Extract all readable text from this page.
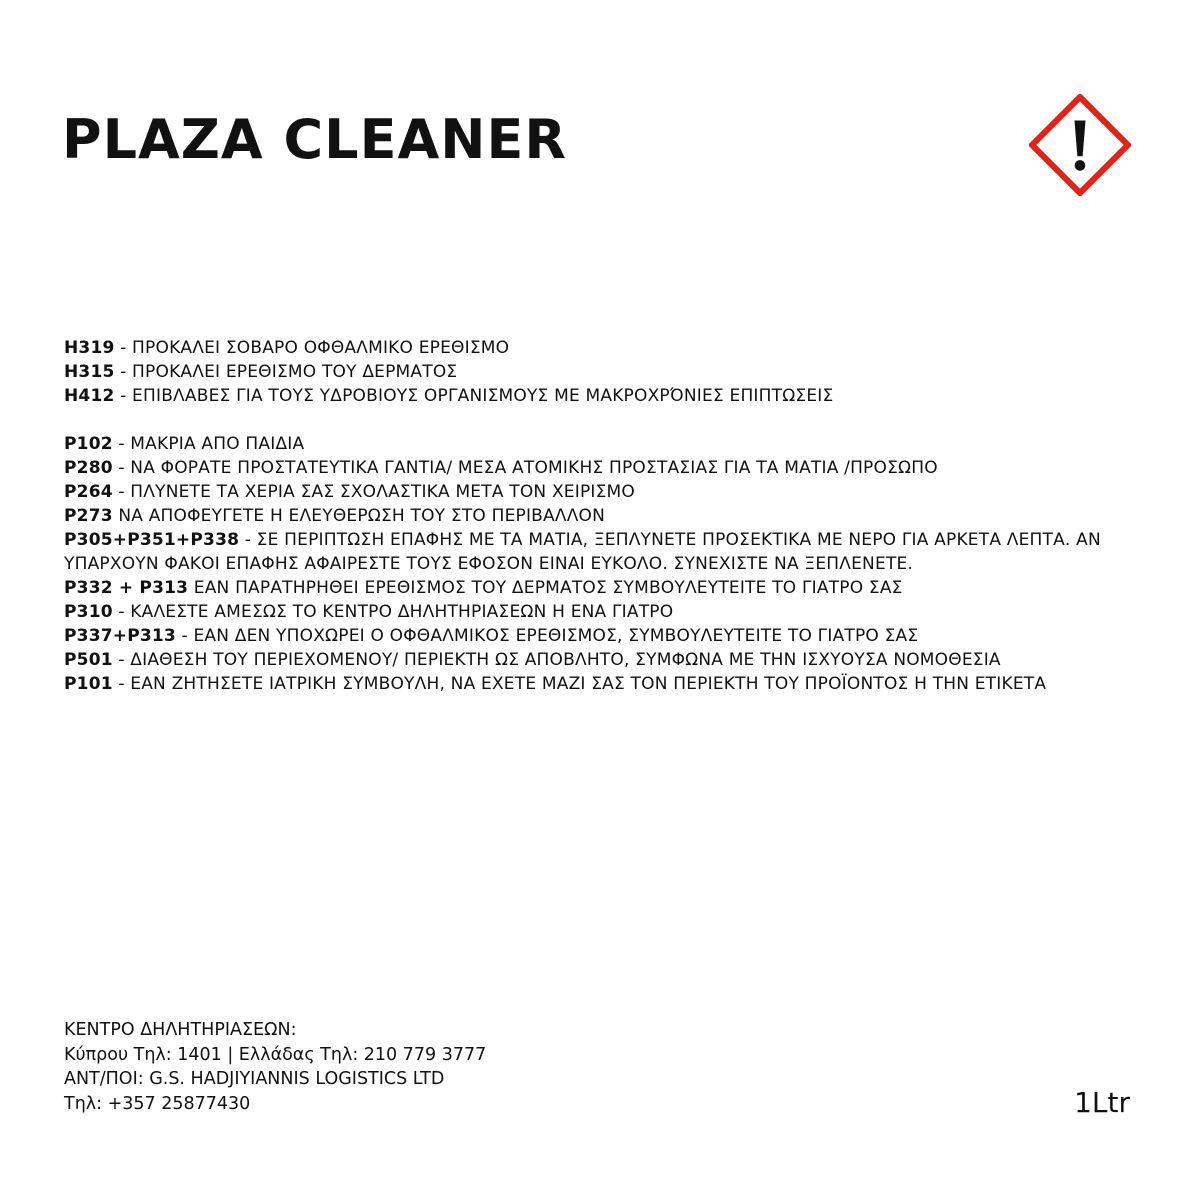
PLAZA CLEANER

H319 - ΠΡΟΚΑΛΕΙ ΣΟΒΑΡΟ ΟΦΘΑΛΜΙΚΟ ΕΡΕΘΙΣΜΟ

H315 - ΠΡΟΚΑΛΕΙ ΕΡΕΘΙΣΜΟ ΤΟΥ ΔΕΡΜΑΤΟΣ

H412 - ΕΠΙΒΛΑΒΕΣ ΓΙΑ ΤΟΥΣ ΥΔΡΟΒΙΟΥΣ ΟΡΓΑΝΙΣΜΟΥΣ ΜΕ ΜΑΚΡΟΧΡΌΝΙΕΣ ΕΠΙΠΤΩΣΕΙΣ

P102 - ΜΑΚΡΙΑ ΑΠΟ ΠΑΙΔΙΑ

P280 - ΝΑ ΦΟΡΑΤΕ ΠΡΟΣΤΑΤΕΥΤΙΚΑ ΓΑΝΤΙΑ/ ΜΕΣΑ ΑΤΟΜΙΚΗΣ ΠΡΟΣΤΑΣΙΑΣ ΓΙΑ ΤΑ ΜΑΤΙΑ /ΠΡΟΣΩΠΟ

P264 - ΠΛΥΝΕΤΕ ΤΑ ΧΕΡΙΑ ΣΑΣ ΣΧΟΛΑΣΤΙΚΑ ΜΕΤΑ ΤΟΝ ΧΕΙΡΙΣΜΟ

P273 ΝΑ ΑΠΟΦΕΥΓΕΤΕ Η ΕΛΕΥΘΕΡΩΣΗ ΤΟΥ ΣΤΟ ΠΕΡΙΒΑΛΛΟΝ

P305+P351+P338 - ΣΕ ΠΕΡΙΠΤΩΣΗ ΕΠΑΦΗΣ ΜΕ ΤΑ ΜΑΤΙΑ, ΞΕΠΛΥΝΕΤΕ ΠΡΟΣΕΚΤΙΚΑ ΜΕ ΝΕΡΟ ΓΙΑ ΑΡΚΕΤΑ ΛΕΠΤΑ. ΑΝ ΥΠΑΡΧΟΥΝ ΦΑΚΟΙ ΕΠΑΦΗΣ ΑΦΑΙΡΕΣΤΕ ΤΟΥΣ ΕΦΟΣΟΝ ΕΙΝΑΙ ΕΥΚΟΛΟ. ΣΥΝΕΧΙΣΤΕ ΝΑ ΞΕΠΛΕΝΕΤΕ.

P332 + P313 ΕΑΝ ΠΑΡΑΤΗΡΗΘΕΙ ΕΡΕΘΙΣΜΟΣ ΤΟΥ ΔΕΡΜΑΤΟΣ ΣΥΜΒΟΥΛΕΥΤΕΙΤΕ ΤΟ ΓΙΑΤΡΟ ΣΑΣ

P310 - ΚΑΛΕΣΤΕ ΑΜΕΣΩΣ ΤΟ ΚΕΝΤΡΟ ΔΗΛΗΤΗΡΙΑΣΕΩΝ Η ΕΝΑ ΓΙΑΤΡΟ

P337+P313 - ΕΑΝ ΔΕΝ ΥΠΟΧΩΡΕΙ Ο ΟΦΘΑΛΜΙΚΟΣ ΕΡΕΘΙΣΜΟΣ, ΣΥΜΒΟΥΛΕΥΤΕΙΤΕ ΤΟ ΓΙΑΤΡΟ ΣΑΣ

P501 - ΔΙΑΘΕΣΗ ΤΟΥ ΠΕΡΙΕΧΟΜΕΝΟΥ/ ΠΕΡΙΕΚΤΗ ΩΣ ΑΠΟΒΛΗΤΟ, ΣΥΜΦΩΝΑ ΜΕ ΤΗΝ ΙΣΧΥΟΥΣΑ ΝΟΜΟΘΕΣΙΑ

P101 - ΕΑΝ ΖΗΤΗΣΕΤΕ ΙΑΤΡΙΚΗ ΣΥΜΒΟΥΛΗ, ΝΑ ΕΧΕΤΕ ΜΑΖΙ ΣΑΣ ΤΟΝ ΠΕΡΙΕΚΤΗ ΤΟΥ ΠΡΟΪΟΝΤΟΣ Η ΤΗΝ ΕΤΙΚΕΤΑ

ΚΕΝΤΡΟ ΔΗΛΗΤΗΡΙΑΣΕΩΝ:

Κύπρου Τηλ: 1401 | Ελλάδας Τηλ: 210 779 3777

ΑΝΤ/ΠΟΙ: G.S. HADJIYIANNIS LOGISTICS LTD

Τηλ: +357 25877430	1Ltr
